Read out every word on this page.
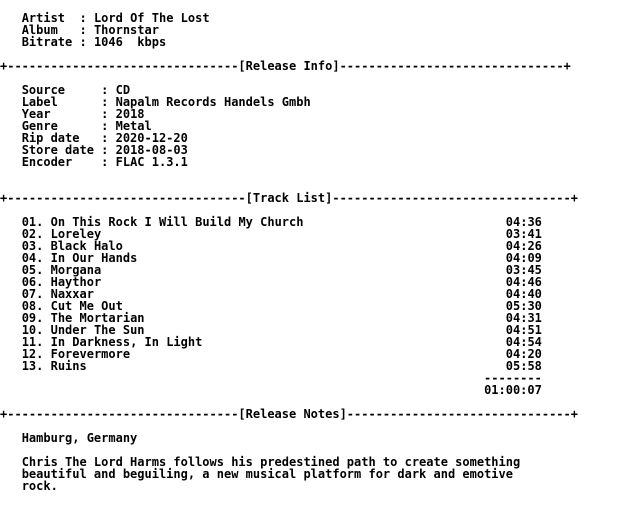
Artist  : Lord Of The Lost
Album   : Thornstar
Bitrate : 1046  kbps

+--------------------------------[Release Info]-------------------------------+

Source     : CD
Label      : Napalm Records Handels Gmbh
Year       : 2018
Genre      : Metal
Rip date   : 2020-12-20
Store date : 2018-08-03
Encoder    : FLAC 1.3.1

+---------------------------------[Track List]---------------------------------+

01. On This Rock I Will Build My Church	04:36
02. Loreley	03:41
03. Black Halo	04:26
04. In Our Hands	04:09
05. Morgana	03:45
06. Haythor	04:46
07. Naxxar	04:40
08. Cut Me Out	05:30
09. The Mortarian	04:31
10. Under The Sun	04:51
11. In Darkness, In Light	04:54
12. Forevermore	04:20
13. Ruins	05:58
--------
01:00:07

+--------------------------------[Release Notes]-------------------------------+

Hamburg, Germany

Chris The Lord Harms follows his predestined path to create something
beautiful and beguiling, a new musical platform for dark and emotive
rock.
